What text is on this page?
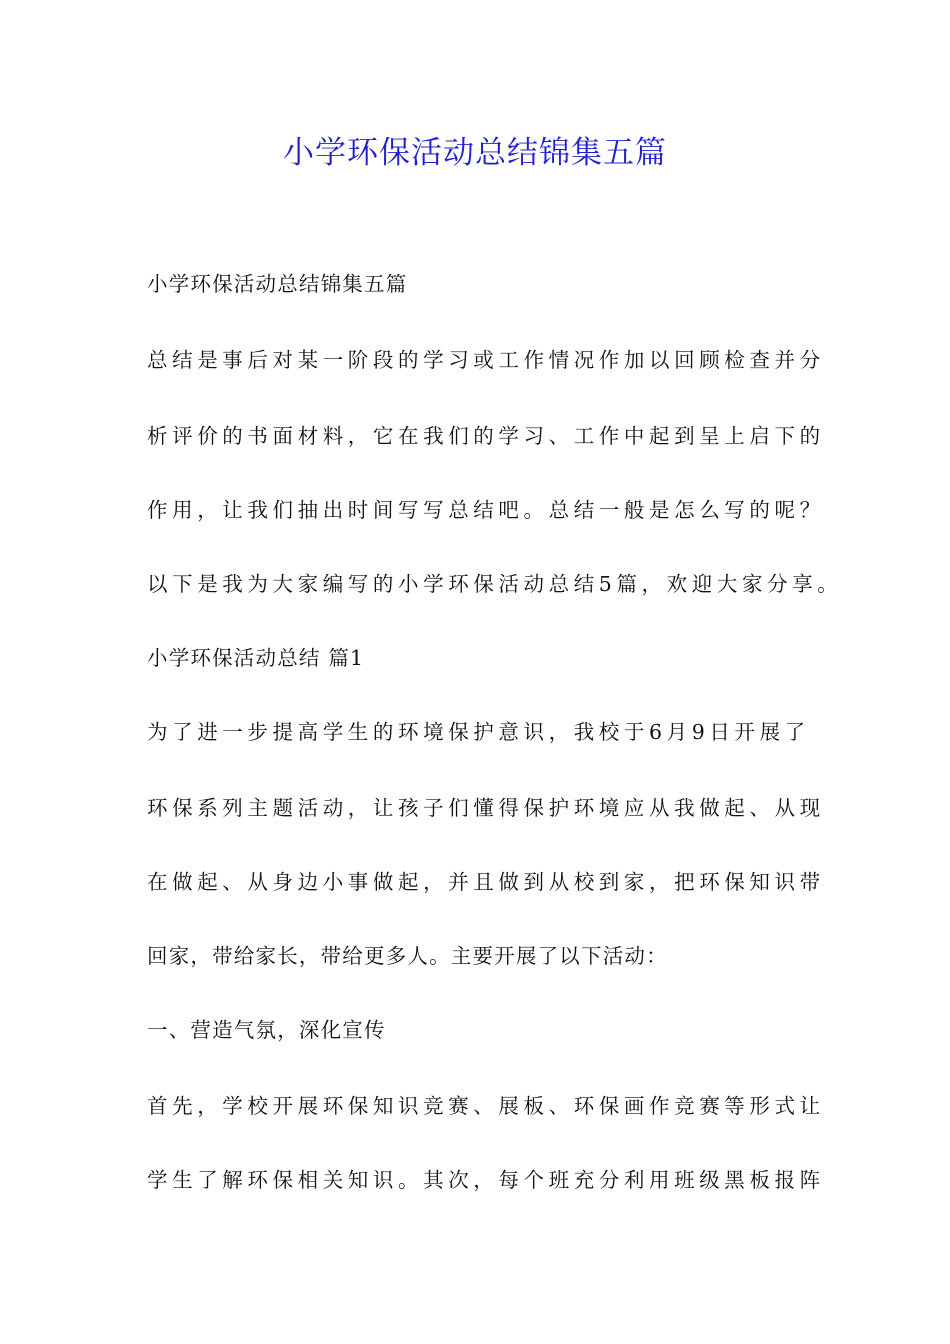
小学环保活动总结锦集五篇

小学环保活动总结锦集五篇

总结是事后对某一阶段的学习或工作情况作加以回顾检查并分

析评价的书面材料，它在我们的学习、工作中起到呈上启下的

作用，让我们抽出时间写写总结吧。总结一般是怎么写的呢？

以下是我为大家编写的小学环保活动总结5篇，欢迎大家分享。

小学环保活动总结 篇1

为了进一步提高学生的环境保护意识，我校于6月9日开展了

环保系列主题活动，让孩子们懂得保护环境应从我做起、从现

在做起、从身边小事做起，并且做到从校到家，把环保知识带

回家，带给家长，带给更多人。主要开展了以下活动：

一、营造气氛，深化宣传

首先，学校开展环保知识竞赛、展板、环保画作竞赛等形式让

学生了解环保相关知识。其次，每个班充分利用班级黑板报阵
